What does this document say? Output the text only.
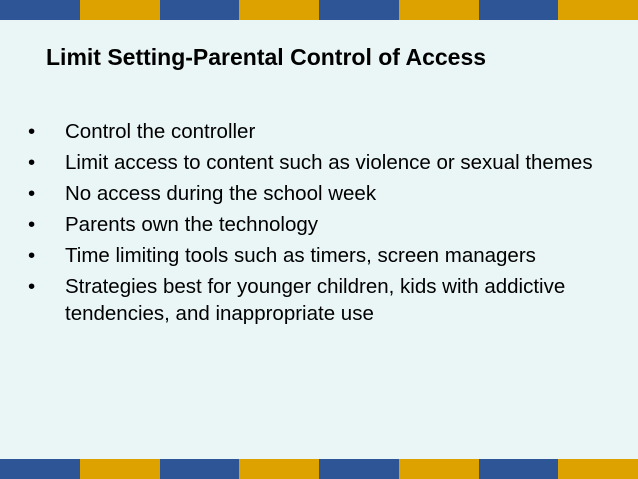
Limit Setting-Parental Control of Access
•	Control the controller
•	Limit access to content such as violence or sexual themes
•	No access during the school week
•	Parents own the technology
•	Time limiting tools such as timers, screen managers
•	Strategies best for younger children, kids with addictive tendencies, and inappropriate use
